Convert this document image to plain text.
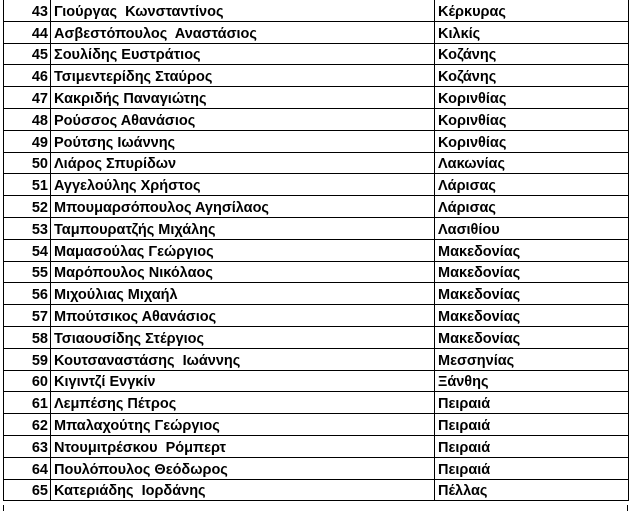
43	Γιούργας  Κωνσταντίνος	Κέρκυρας
44	Ασβεστόπουλος  Αναστάσιος	Κιλκίς
45	Σουλίδης Ευστράτιος	Κοζάνης
46	Τσιμεντερίδης Σταύρος	Κοζάνης
47	Κακριδής Παναγιώτης	Κορινθίας
48	Ρούσσος Αθανάσιος	Κορινθίας
49	Ρούτσης Ιωάννης	Κορινθίας
50	Λιάρος Σπυρίδων	Λακωνίας
51	Αγγελούλης Χρήστος	Λάρισας
52	Μπουμαρσόπουλος Αγησίλαος	Λάρισας
53	Ταμπουρατζής Μιχάλης	Λασιθίου
54	Μαμασούλας Γεώργιος	Μακεδονίας
55	Μαρόπουλος Νικόλαος	Μακεδονίας
56	Μιχούλιας Μιχαήλ	Μακεδονίας
57	Μπούτσικος Αθανάσιος	Μακεδονίας
58	Τσιαουσίδης Στέργιος	Μακεδονίας
59	Κουτσαναστάσης  Ιωάννης	Μεσσηνίας
60	Κιγιντζί Ενγκίν	Ξάνθης
61	Λεμπέσης Πέτρος	Πειραιά
62	Μπαλαχούτης Γεώργιος	Πειραιά
63	Ντουμιτρέσκου  Ρόμπερτ	Πειραιά
64	Πουλόπουλος Θεόδωρος	Πειραιά
65	Κατεριάδης  Ιορδάνης	Πέλλας
